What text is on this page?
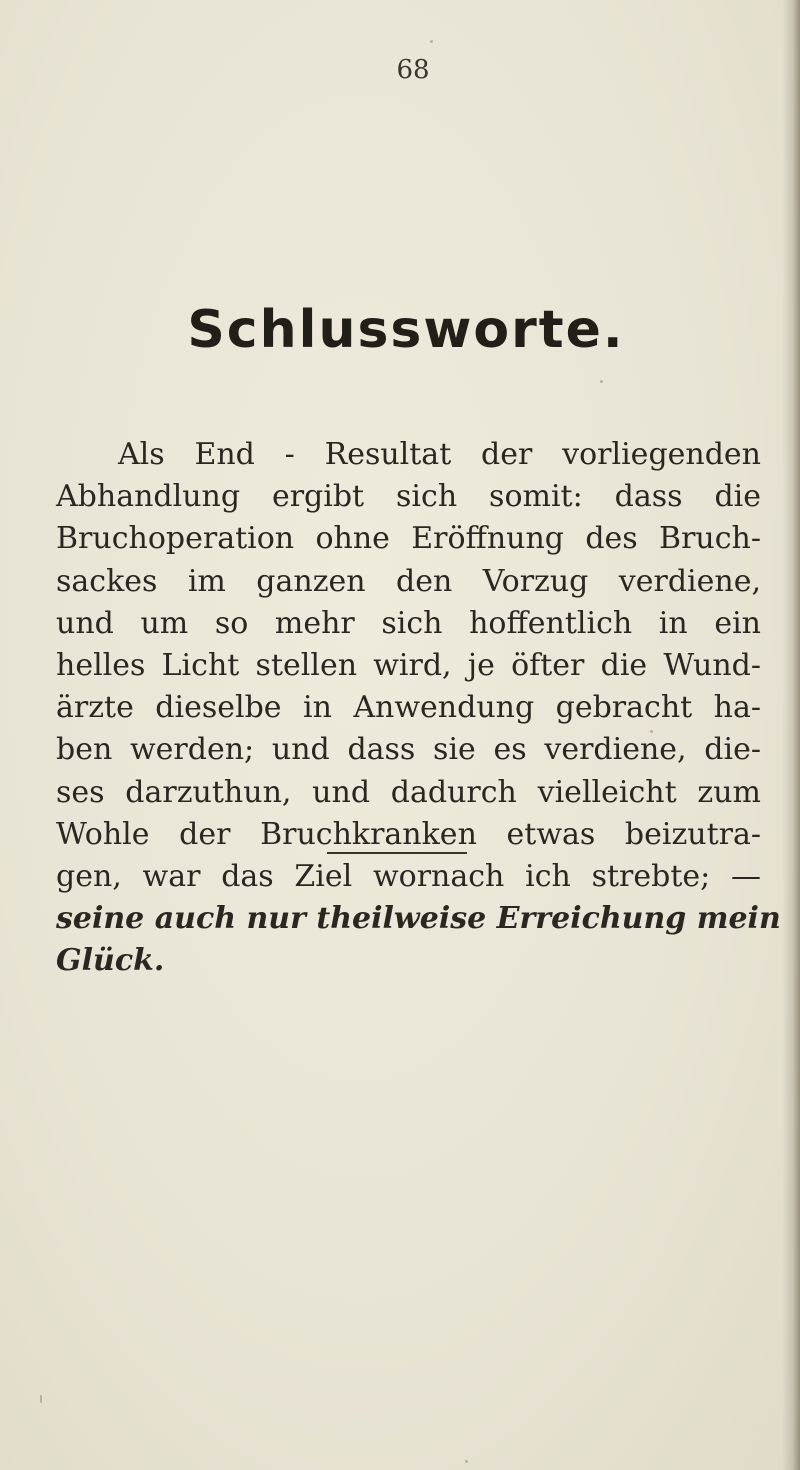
68
Schlussworte.
Als End - Resultat der vorliegenden
Abhandlung ergibt sich somit: dass die
Bruchoperation ohne Eröffnung des Bruch-
sackes im ganzen den Vorzug verdiene,
und um so mehr sich hoffentlich in ein
helles Licht stellen wird, je öfter die Wund-
ärzte dieselbe in Anwendung gebracht ha-
ben werden; und dass sie es verdiene, die-
ses darzuthun, und dadurch vielleicht zum
Wohle der Bruchkranken etwas beizutra-
gen, war das Ziel wornach ich strebte; —
seine auch nur theilweise Erreichung mein
Glück.
